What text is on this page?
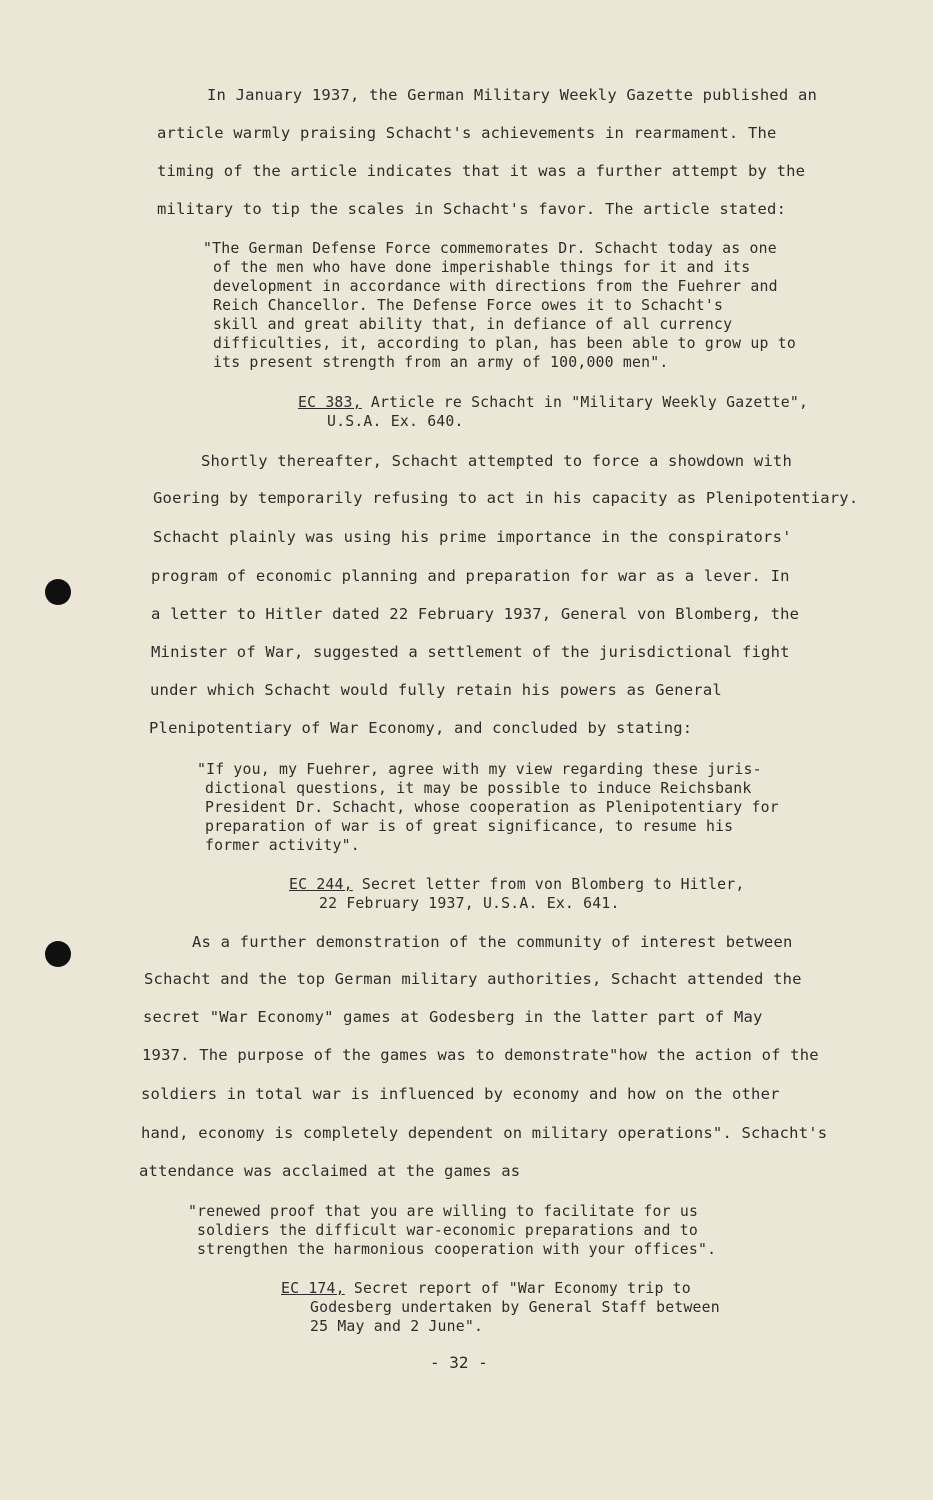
In January 1937, the German Military Weekly Gazette published an
article warmly praising Schacht's achievements in rearmament. The
timing of the article indicates that it was a further attempt by the
military to tip the scales in Schacht's favor. The article stated:
"The German Defense Force commemorates Dr. Schacht today as one
of the men who have done imperishable things for it and its
development in accordance with directions from the Fuehrer and
Reich Chancellor. The Defense Force owes it to Schacht's
skill and great ability that, in defiance of all currency
difficulties, it, according to plan, has been able to grow up to
its present strength from an army of 100,000 men".
EC 383, Article re Schacht in "Military Weekly Gazette",
U.S.A. Ex. 640.
Shortly thereafter, Schacht attempted to force a showdown with
Goering by temporarily refusing to act in his capacity as Plenipotentiary.
Schacht plainly was using his prime importance in the conspirators'
program of economic planning and preparation for war as a lever. In
a letter to Hitler dated 22 February 1937, General von Blomberg, the
Minister of War, suggested a settlement of the jurisdictional fight
under which Schacht would fully retain his powers as General
Plenipotentiary of War Economy, and concluded by stating:
"If you, my Fuehrer, agree with my view regarding these juris-
dictional questions, it may be possible to induce Reichsbank
President Dr. Schacht, whose cooperation as Plenipotentiary for
preparation of war is of great significance, to resume his
former activity".
EC 244, Secret letter from von Blomberg to Hitler,
22 February 1937, U.S.A. Ex. 641.
As a further demonstration of the community of interest between
Schacht and the top German military authorities, Schacht attended the
secret "War Economy" games at Godesberg in the latter part of May
1937. The purpose of the games was to demonstrate"how the action of the
soldiers in total war is influenced by economy and how on the other
hand, economy is completely dependent on military operations". Schacht's
attendance was acclaimed at the games as
"renewed proof that you are willing to facilitate for us
soldiers the difficult war-economic preparations and to
strengthen the harmonious cooperation with your offices".
EC 174, Secret report of "War Economy trip to
Godesberg undertaken by General Staff between
25 May and 2 June".
- 32 -
